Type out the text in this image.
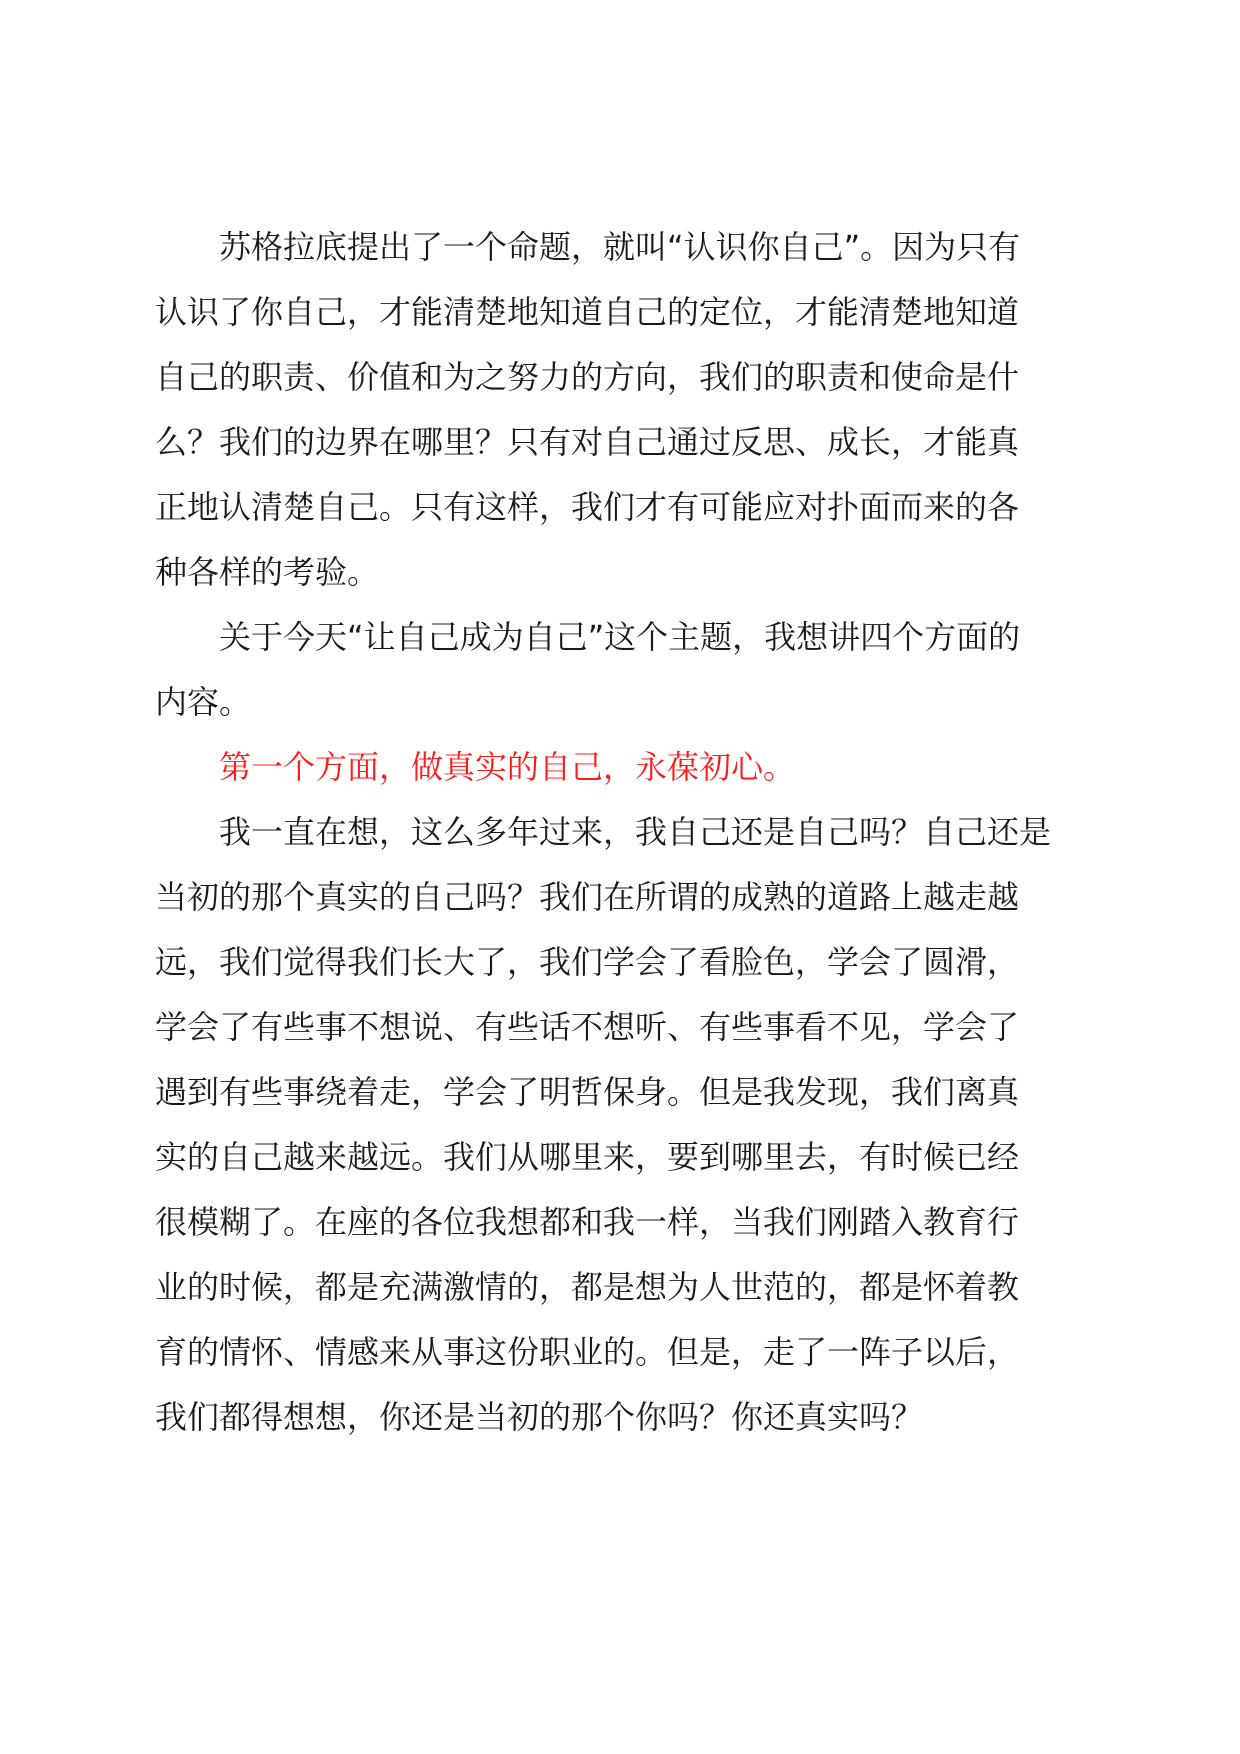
苏格拉底提出了一个命题，就叫“认识你自己”。因为只有
认识了你自己，才能清楚地知道自己的定位，才能清楚地知道
自己的职责、价值和为之努力的方向，我们的职责和使命是什
么？我们的边界在哪里？只有对自己通过反思、成长，才能真
正地认清楚自己。只有这样，我们才有可能应对扑面而来的各
种各样的考验。

关于今天“让自己成为自己”这个主题，我想讲四个方面的
内容。

第一个方面，做真实的自己，永葆初心。

我一直在想，这么多年过来，我自己还是自己吗？自己还是
当初的那个真实的自己吗？我们在所谓的成熟的道路上越走越
远，我们觉得我们长大了，我们学会了看脸色，学会了圆滑，
学会了有些事不想说、有些话不想听、有些事看不见，学会了
遇到有些事绕着走，学会了明哲保身。但是我发现，我们离真
实的自己越来越远。我们从哪里来，要到哪里去，有时候已经
很模糊了。在座的各位我想都和我一样，当我们刚踏入教育行
业的时候，都是充满激情的，都是想为人世范的，都是怀着教
育的情怀、情感来从事这份职业的。但是，走了一阵子以后，
我们都得想想，你还是当初的那个你吗？你还真实吗？
